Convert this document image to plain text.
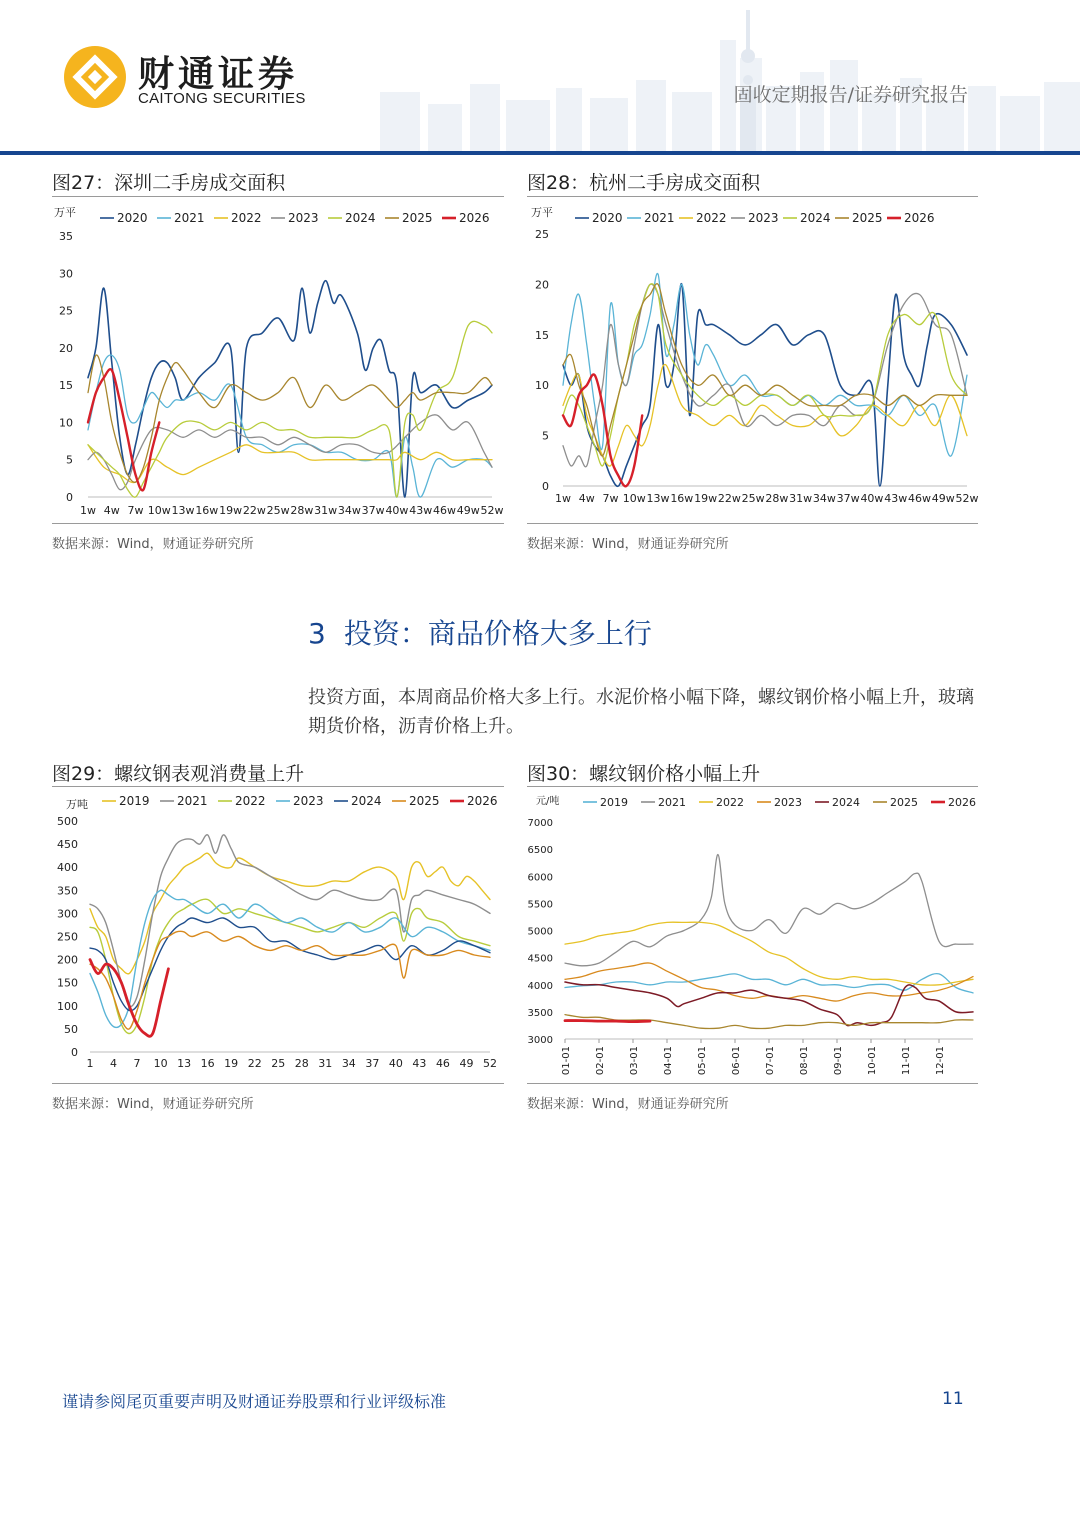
财通证券
CAITONG SECURITIES	固收定期报告/证券研究报告
图27：深圳二手房成交面积
万平	2020 2021 2022 2023 2024 2025 2026
0
5
10
15
20
25
30
35
1w 4w 7w 10w 13w 16w 19w 22w 25w 28w 31w 34w 37w 40w 43w 46w 49w 52w
数据来源：Wind，财通证券研究所
图28：杭州二手房成交面积
万平	2020 2021 2022 2023 2024 2025 2026
0
5
10
15
20
25
1w 4w 7w 10w 13w 16w 19w 22w 25w 28w 31w 34w 37w 40w 43w 46w 49w 52w
数据来源：Wind，财通证券研究所
3 投资：商品价格大多上行
投资方面，本周商品价格大多上行。水泥价格小幅下降，螺纹钢价格小幅上升，玻璃期货价格，沥青价格上升。
图29：螺纹钢表观消费量上升
万吨	2019 2021 2022 2023 2024 2025 2026
0
50
100
150
200
250
300
350
400
450
500
1 4 7 10 13 16 19 22 25 28 31 34 37 40 43 46 49 52
数据来源：Wind，财通证券研究所
图30：螺纹钢价格小幅上升
元/吨	2019	2021	2022	2023	2024	2025	2026
3000
3500
4000
4500
5000
5500
6000
6500
7000
01-01 02-01 03-01 04-01 05-01 06-01 07-01 08-01 09-01 10-01 11-01 12-01
数据来源：Wind，财通证券研究所
谨请参阅尾页重要声明及财通证券股票和行业评级标准	11
